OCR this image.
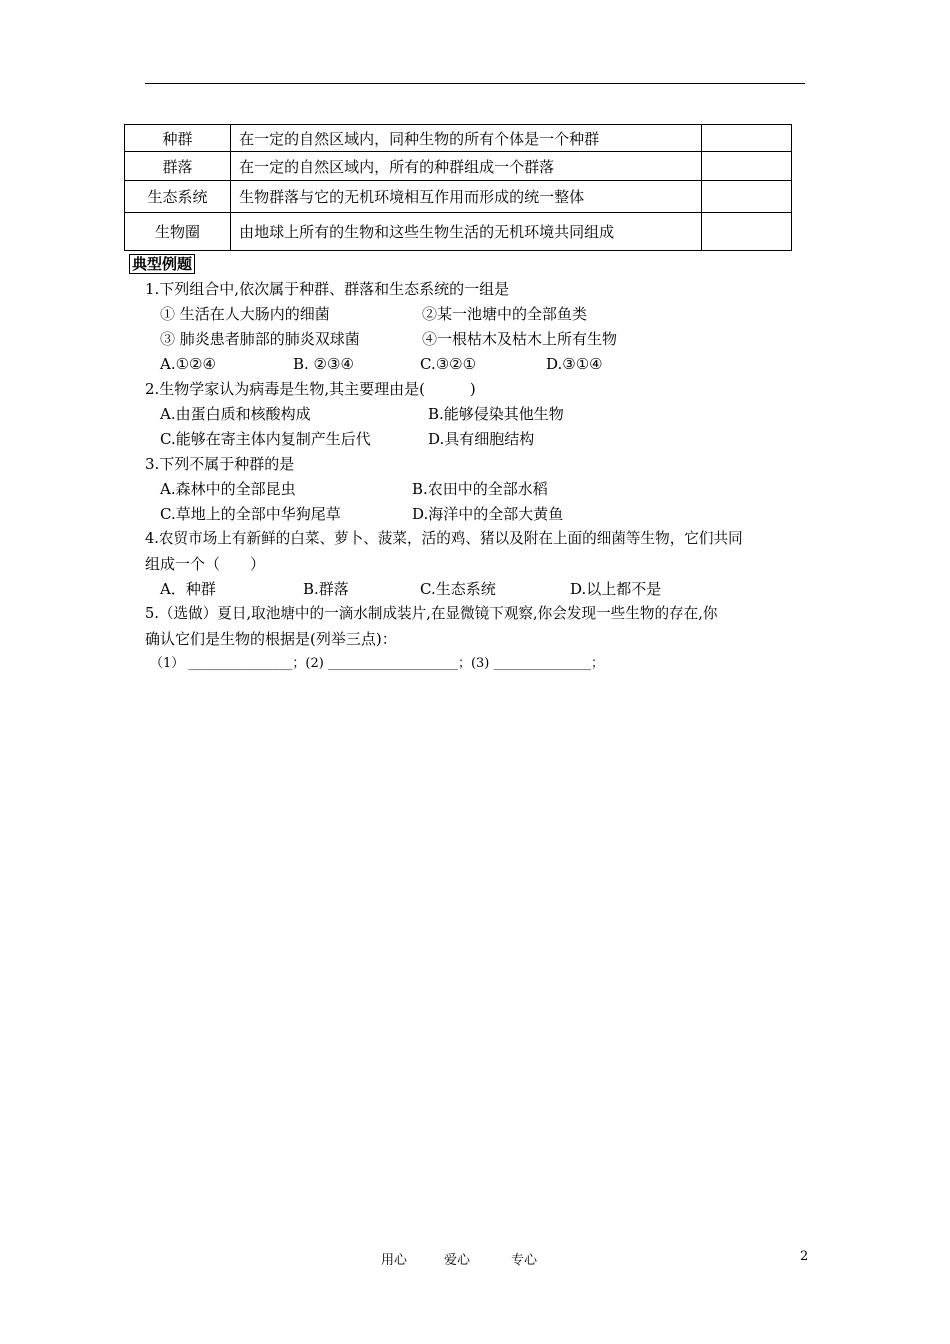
种群	在一定的自然区域内，同种生物的所有个体是一个种群	
群落	在一定的自然区域内，所有的种群组成一个群落	
生态系统	生物群落与它的无机环境相互作用而形成的统一整体	
生物圈	由地球上所有的生物和这些生物生活的无机环境共同组成	
典型例题
1.下列组合中,依次属于种群、群落和生态系统的一组是
① 生活在人大肠内的细菌	②某一池塘中的全部鱼类
③ 肺炎患者肺部的肺炎双球菌	④一根枯木及枯木上所有生物
A.①②④	B. ②③④	C.③②①	D.③①④
2.生物学家认为病毒是生物,其主要理由是(　　　)
A.由蛋白质和核酸构成	B.能够侵染其他生物
C.能够在寄主体内复制产生后代	D.具有细胞结构
3.下列不属于种群的是
A.森林中的全部昆虫	B.农田中的全部水稻
C.草地上的全部中华狗尾草	D.海洋中的全部大黄鱼
4.农贸市场上有新鲜的白菜、萝卜、菠菜，活的鸡、猪以及附在上面的细菌等生物，它们共同
组成一个（　　）
A．种群	B.群落	C.生态系统	D.以上都不是
5.（选做）夏日,取池塘中的一滴水制成装片,在显微镜下观察,你会发现一些生物的存在,你
确认它们是生物的根据是(列举三点)：
（1） ________________；(2) ____________________；(3) _______________；
用心	爱心	专心	2
